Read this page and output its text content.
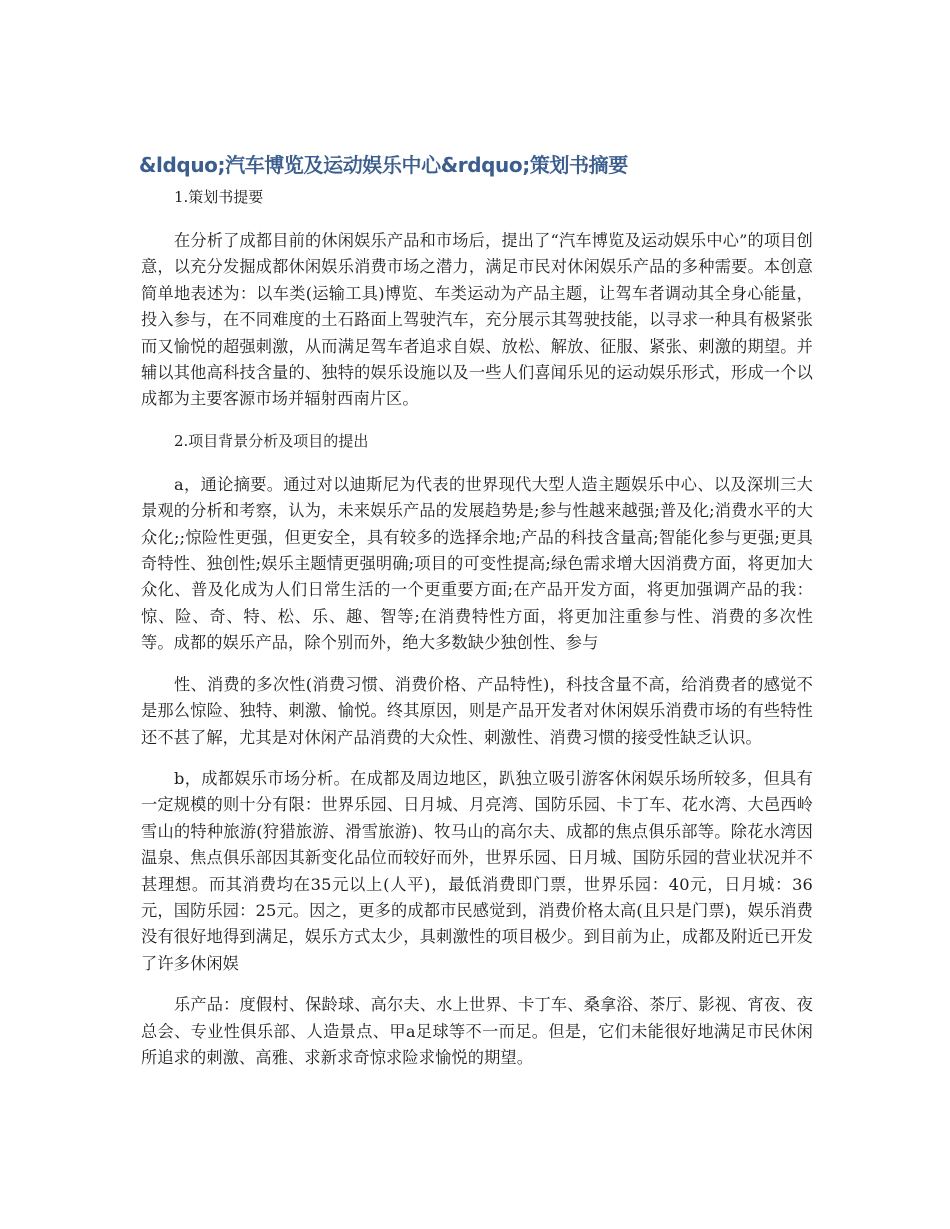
&ldquo;汽车博览及运动娱乐中心&rdquo;策划书摘要
1.策划书提要

在分析了成都目前的休闲娱乐产品和市场后，提出了“汽车博览及运动娱乐中心”的项目创意，以充分发掘成都休闲娱乐消费市场之潜力，满足市民对休闲娱乐产品的多种需要。本创意简单地表述为：以车类(运输工具)博览、车类运动为产品主题，让驾车者调动其全身心能量，投入参与，在不同难度的土石路面上驾驶汽车，充分展示其驾驶技能，以寻求一种具有极紧张而又愉悦的超强刺激，从而满足驾车者追求自娱、放松、解放、征服、紧张、刺激的期望。并辅以其他高科技含量的、独特的娱乐设施以及一些人们喜闻乐见的运动娱乐形式，形成一个以成都为主要客源市场并辐射西南片区。

2.项目背景分析及项目的提出

a，通论摘要。通过对以迪斯尼为代表的世界现代大型人造主题娱乐中心、以及深圳三大景观的分析和考察，认为，未来娱乐产品的发展趋势是;参与性越来越强;普及化;消费水平的大众化;;惊险性更强，但更安全，具有较多的选择余地;产品的科技含量高;智能化参与更强;更具奇特性、独创性;娱乐主题情更强明确;项目的可变性提高;绿色需求增大因消费方面，将更加大众化、普及化成为人们日常生活的一个更重要方面;在产品开发方面，将更加强调产品的我：惊、险、奇、特、松、乐、趣、智等;在消费特性方面，将更加注重参与性、消费的多次性等。成都的娱乐产品，除个别而外，绝大多数缺少独创性、参与

性、消费的多次性(消费习惯、消费价格、产品特性)，科技含量不高，给消费者的感觉不是那么惊险、独特、刺激、愉悦。终其原因，则是产品开发者对休闲娱乐消费市场的有些特性还不甚了解，尤其是对休闲产品消费的大众性、刺激性、消费习惯的接受性缺乏认识。

b，成都娱乐市场分析。在成都及周边地区，趴独立吸引游客休闲娱乐场所较多，但具有一定规模的则十分有限：世界乐园、日月城、月亮湾、国防乐园、卡丁车、花水湾、大邑西岭雪山的特种旅游(狩猎旅游、滑雪旅游)、牧马山的高尔夫、成都的焦点俱乐部等。除花水湾因温泉、焦点俱乐部因其新变化品位而较好而外，世界乐园、日月城、国防乐园的营业状况并不甚理想。而其消费均在35元以上(人平)，最低消费即门票，世界乐园：40元，日月城：36元，国防乐园：25元。因之，更多的成都市民感觉到，消费价格太高(且只是门票)，娱乐消费没有很好地得到满足，娱乐方式太少，具刺激性的项目极少。到目前为止，成都及附近已开发了许多休闲娱

乐产品：度假村、保龄球、高尔夫、水上世界、卡丁车、桑拿浴、茶厅、影视、宵夜、夜总会、专业性俱乐部、人造景点、甲a足球等不一而足。但是，它们未能很好地满足市民休闲所追求的刺激、高雅、求新求奇惊求险求愉悦的期望。
